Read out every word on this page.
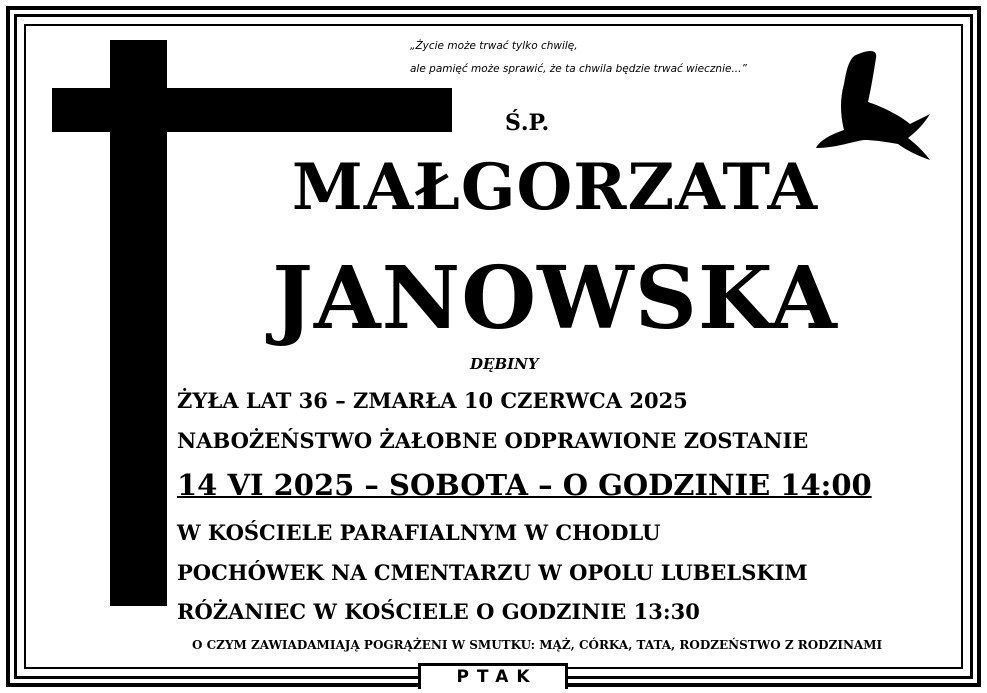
„Życie może trwać tylko chwilę,
ale pamięć może sprawić, że ta chwila będzie trwać wiecznie...”
Ś.P.
MAŁGORZATA
JANOWSKA
DĘBINY
ŻYŁA LAT 36 – ZMARŁA 10 CZERWCA 2025
NABOŻEŃSTWO ŻAŁOBNE ODPRAWIONE ZOSTANIE
14 VI 2025 – SOBOTA – O GODZINIE 14:00
W KOŚCIELE PARAFIALNYM W CHODLU
POCHÓWEK NA CMENTARZU W OPOLU LUBELSKIM
RÓŻANIEC W KOŚCIELE O GODZINIE 13:30
O CZYM ZAWIADAMIAJĄ POGRĄŻENI W SMUTKU: MĄŻ, CÓRKA, TATA, RODZEŃSTWO Z RODZINAMI
PTAK
